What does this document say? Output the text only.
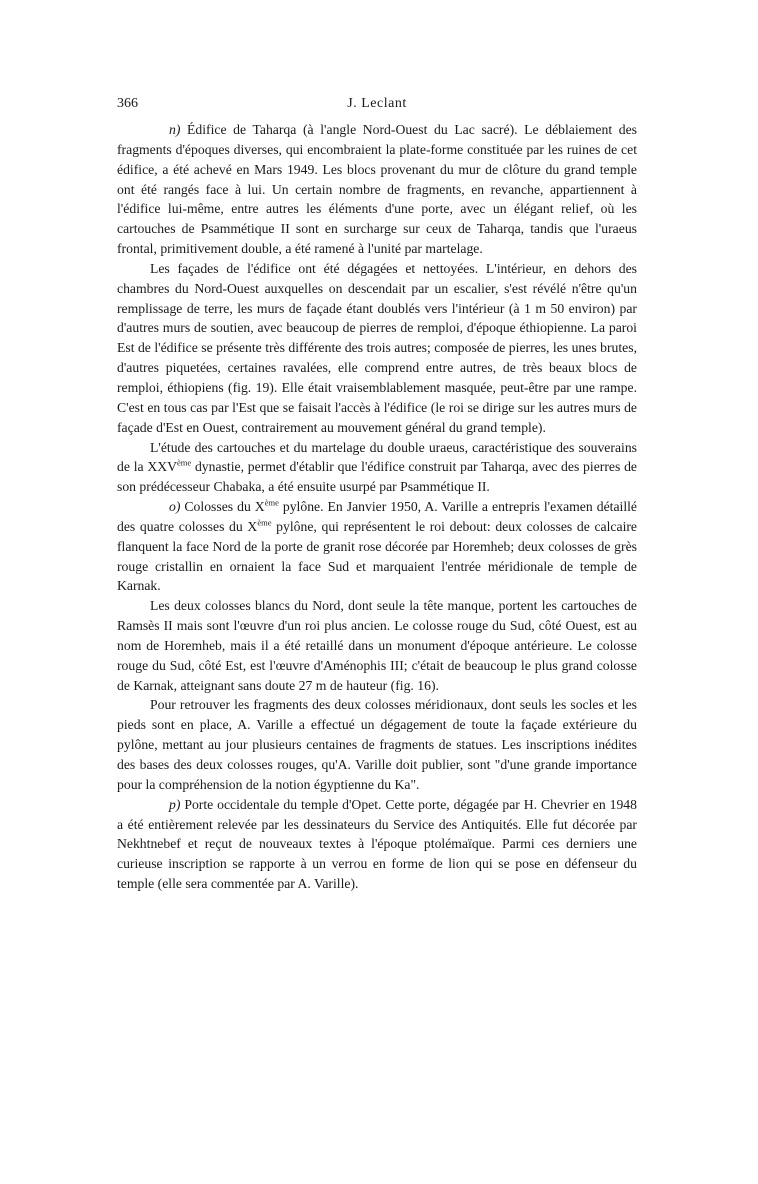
366	J. Leclant

n) Édifice de Taharqa (à l'angle Nord-Ouest du Lac sacré). Le déblaiement des fragments d'époques diverses, qui encombraient la plate-forme constituée par les ruines de cet édifice, a été achevé en Mars 1949. Les blocs provenant du mur de clôture du grand temple ont été rangés face à lui. Un certain nombre de fragments, en revanche, appartiennent à l'édifice lui-même, entre autres les éléments d'une porte, avec un élégant relief, où les cartouches de Psammétique II sont en surcharge sur ceux de Taharqa, tandis que l'uraeus frontal, primitivement double, a été ramené à l'unité par martelage.

Les façades de l'édifice ont été dégagées et nettoyées. L'intérieur, en dehors des chambres du Nord-Ouest auxquelles on descendait par un escalier, s'est révélé n'être qu'un remplissage de terre, les murs de façade étant doublés vers l'intérieur (à 1 m 50 environ) par d'autres murs de soutien, avec beaucoup de pierres de remploi, d'époque éthiopienne. La paroi Est de l'édifice se présente très différente des trois autres; composée de pierres, les unes brutes, d'autres piquetées, certaines ravalées, elle comprend entre autres, de très beaux blocs de remploi, éthiopiens (fig. 19). Elle était vraisemblablement masquée, peut-être par une rampe. C'est en tous cas par l'Est que se faisait l'accès à l'édifice (le roi se dirige sur les autres murs de façade d'Est en Ouest, contrairement au mouvement général du grand temple).

L'étude des cartouches et du martelage du double uraeus, caractéristique des souverains de la XXVème dynastie, permet d'établir que l'édifice construit par Taharqa, avec des pierres de son prédécesseur Chabaka, a été ensuite usurpé par Psammétique II.

o) Colosses du Xème pylône. En Janvier 1950, A. Varille a entrepris l'examen détaillé des quatre colosses du Xème pylône, qui représentent le roi debout: deux colosses de calcaire flanquent la face Nord de la porte de granit rose décorée par Horemheb; deux colosses de grès rouge cristallin en ornaient la face Sud et marquaient l'entrée méridionale de temple de Karnak.

Les deux colosses blancs du Nord, dont seule la tête manque, portent les cartouches de Ramsès II mais sont l'œuvre d'un roi plus ancien. Le colosse rouge du Sud, côté Ouest, est au nom de Horemheb, mais il a été retaillé dans un monument d'époque antérieure. Le colosse rouge du Sud, côté Est, est l'œuvre d'Aménophis III; c'était de beaucoup le plus grand colosse de Karnak, atteignant sans doute 27 m de hauteur (fig. 16).

Pour retrouver les fragments des deux colosses méridionaux, dont seuls les socles et les pieds sont en place, A. Varille a effectué un dégagement de toute la façade extérieure du pylône, mettant au jour plusieurs centaines de fragments de statues. Les inscriptions inédites des bases des deux colosses rouges, qu'A. Varille doit publier, sont "d'une grande importance pour la compréhension de la notion égyptienne du Ka".

p) Porte occidentale du temple d'Opet. Cette porte, dégagée par H. Chevrier en 1948 a été entièrement relevée par les dessinateurs du Service des Antiquités. Elle fut décorée par Nekhtnebef et reçut de nouveaux textes à l'époque ptolémaïque. Parmi ces derniers une curieuse inscription se rapporte à un verrou en forme de lion qui se pose en défenseur du temple (elle sera commentée par A. Varille).
